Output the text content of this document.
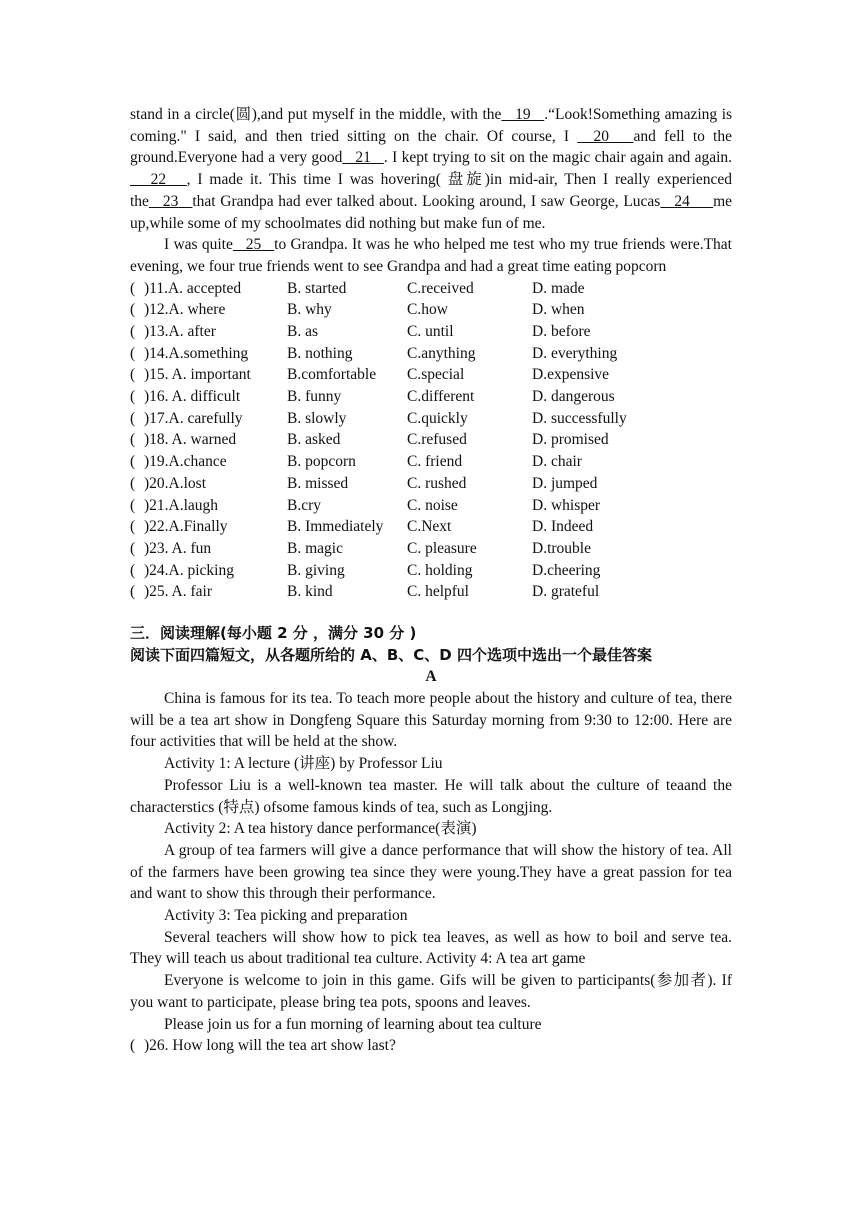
stand in a circle(圆),and put myself in the middle, with the 19 .“Look!Something amazing is coming." I said, and then tried sitting on the chair. Of course, I   20 and fell to the ground.Everyone had a very good 21 . I kept trying to sit on the magic chair again and again.    22 , I made it. This time I was hovering( 盘旋)in mid-air, Then I really experienced the 23 that Grandpa had ever talked about. Looking around, I saw George, Lucas 24 me up,while some of my schoolmates did nothing but make fun of me.

I was quite 25 to Grandpa. It was he who helped me test who my true friends were.That evening, we four true friends went to see Grandpa and had a great time eating popcorn

( )11.A. accepted	B. started	C.received	D. made
( )12.A. where	B. why	C.how	D. when
( )13.A. after	B. as	C. until	D. before
( )14.A.something	B. nothing	C.anything	D. everything
( )15. A. important B.comfortable C.special	D.expensive
( )16. A. difficult	B. funny	C.different	D. dangerous
( )17.A. carefully	B. slowly	C.quickly	D. successfully
( )18. A. warned	B. asked	C.refused	D. promised
( )19.A.chance	B. popcorn	C. friend	D. chair
( )20.A.lost	B. missed	C. rushed	D. jumped
( )21.A.laugh	B.cry	C. noise	D. whisper
( )22.A.Finally	B. Immediately C.Next	D. Indeed
( )23. A. fun	B. magic	C. pleasure	D.trouble
( )24.A. picking	B. giving	C. holding	D.cheering
( )25. A. fair	B. kind	C. helpful	D. grateful

三．阅读理解(每小题 2 分 ，满分 30 分 )

阅读下面四篇短文，从各题所给的 A、B、C、D 四个选项中选出一个最佳答案

A

China is famous for its tea. To teach more people about the history and culture of tea, there will be a tea art show in Dongfeng Square this Saturday morning from 9:30 to 12:00. Here are four activities that will be held at the show.

Activity 1: A lecture (讲座) by Professor Liu

Professor Liu is a well-known tea master. He will talk about the culture of teaand the characterstics (特点) ofsome famous kinds of tea, such as Longjing.

Activity 2: A tea history dance performance(表演)

A group of tea farmers will give a dance performance that will show the history of tea. All of the farmers have been growing tea since they were young.They have a great passion for tea and want to show this through their performance.

Activity 3: Tea picking and preparation

Several teachers will show how to pick tea leaves, as well as how to boil and serve tea. They will teach us about traditional tea culture. Activity 4: A tea art game

Everyone is welcome to join in this game. Gifs will be given to participants(参加者). If you want to participate, please bring tea pots, spoons and leaves.

Please join us for a fun morning of learning about tea culture

( )26. How long will the tea art show last?
